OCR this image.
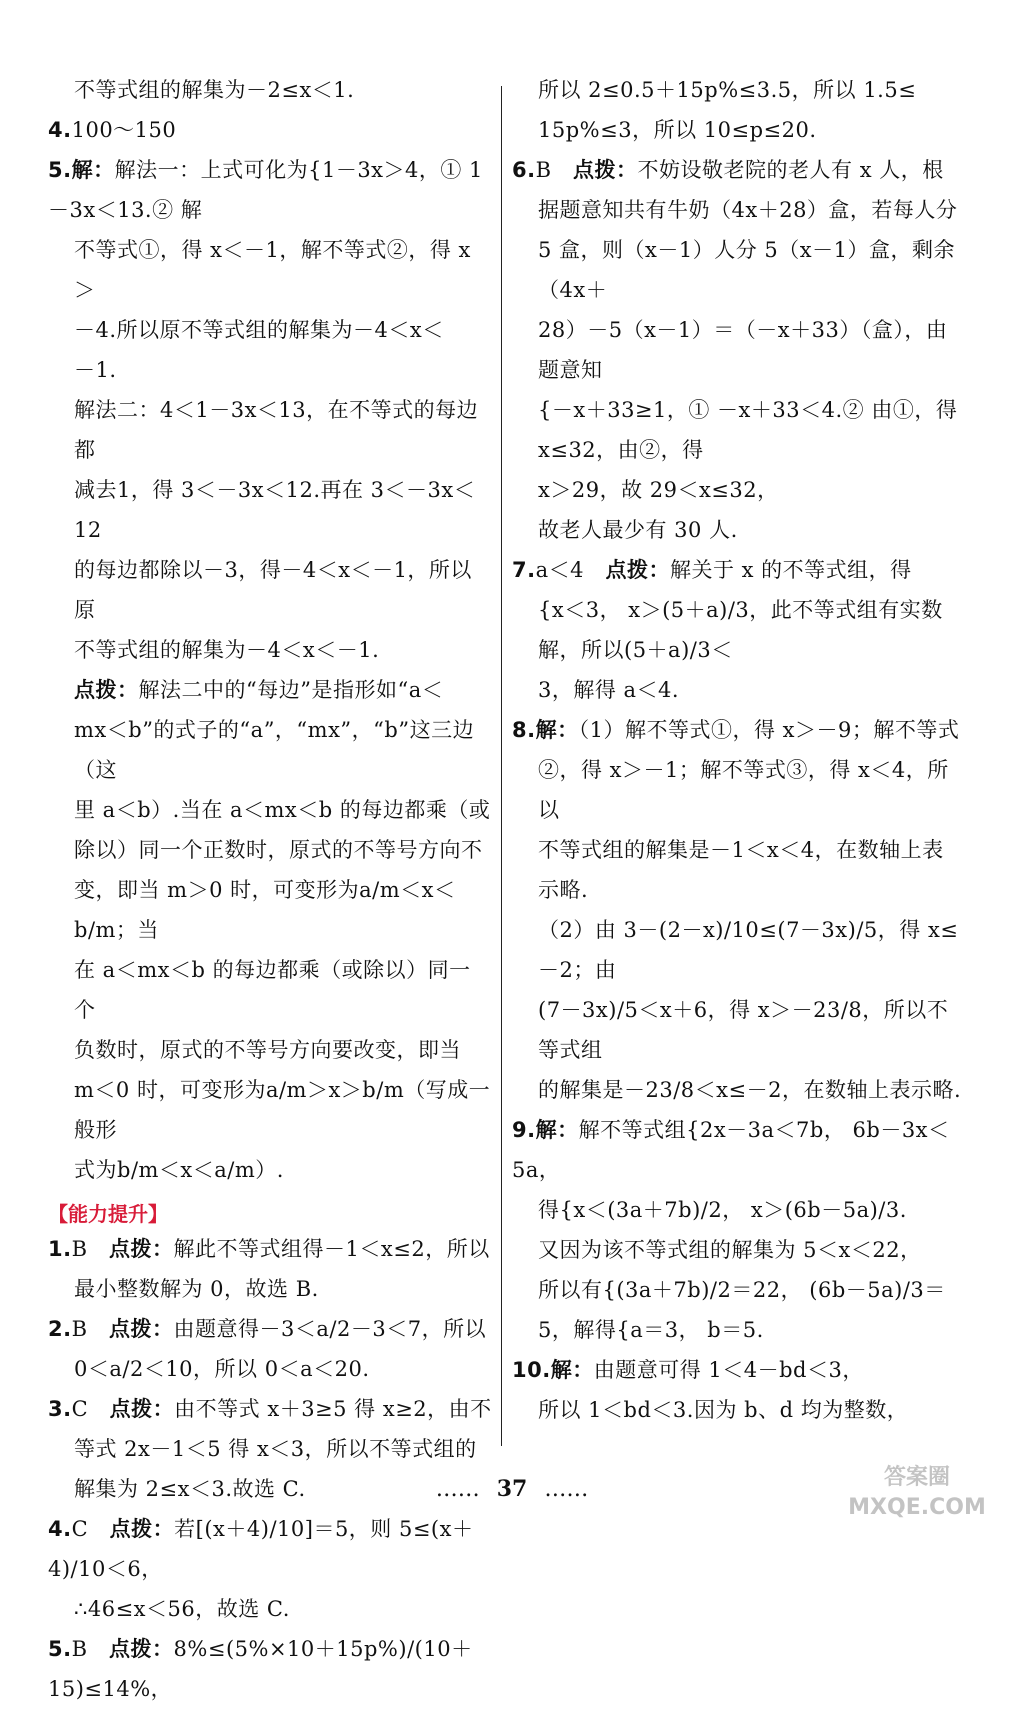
不等式组的解集为－2≤x＜1.

4.100～150

5.解：解法一：上式可化为{1－3x＞4，① 1－3x＜13.② 解

不等式①，得 x＜－1，解不等式②，得 x＞

－4.所以原不等式组的解集为－4＜x＜

－1.

解法二：4＜1－3x＜13，在不等式的每边都

减去1，得 3＜－3x＜12.再在 3＜－3x＜12

的每边都除以－3，得－4＜x＜－1，所以原

不等式组的解集为－4＜x＜－1.

点拨：解法二中的“每边”是指形如“a＜

mx＜b”的式子的“a”，“mx”，“b”这三边（这

里 a＜b）.当在 a＜mx＜b 的每边都乘（或

除以）同一个正数时，原式的不等号方向不

变，即当 m＞0 时，可变形为a/m＜x＜b/m；当

在 a＜mx＜b 的每边都乘（或除以）同一个

负数时，原式的不等号方向要改变，即当

m＜0 时，可变形为a/m＞x＞b/m（写成一般形

式为b/m＜x＜a/m）.

【能力提升】

1.B　点拨：解此不等式组得－1＜x≤2，所以

最小整数解为 0，故选 B.

2.B　点拨：由题意得－3＜a/2－3＜7，所以

0＜a/2＜10，所以 0＜a＜20.

3.C　点拨：由不等式 x＋3≥5 得 x≥2，由不

等式 2x－1＜5 得 x＜3，所以不等式组的

解集为 2≤x＜3.故选 C.

4.C　点拨：若[(x＋4)/10]＝5，则 5≤(x＋4)/10＜6，

∴46≤x＜56，故选 C.

5.B　点拨：8%≤(5%×10＋15p%)/(10＋15)≤14%，

所以 2≤0.5＋15p%≤3.5，所以 1.5≤

15p%≤3，所以 10≤p≤20.

6.B　点拨：不妨设敬老院的老人有 x 人，根

据题意知共有牛奶（4x＋28）盒，若每人分

5 盒，则（x－1）人分 5（x－1）盒，剩余（4x＋

28）－5（x－1）＝（－x＋33）（盒），由题意知

{－x＋33≥1，① －x＋33＜4.② 由①，得 x≤32，由②，得

x＞29，故 29＜x≤32，

故老人最少有 30 人.

7.a＜4　点拨：解关于 x 的不等式组，得

{x＜3， x＞(5＋a)/3，此不等式组有实数解，所以(5＋a)/3＜

3，解得 a＜4.

8.解：（1）解不等式①，得 x＞－9；解不等式

②，得 x＞－1；解不等式③，得 x＜4，所以

不等式组的解集是－1＜x＜4，在数轴上表

示略.

（2）由 3－(2－x)/10≤(7－3x)/5，得 x≤－2；由

(7－3x)/5＜x＋6，得 x＞－23/8，所以不等式组

的解集是－23/8＜x≤－2，在数轴上表示略.

9.解：解不等式组{2x－3a＜7b， 6b－3x＜5a，

得{x＜(3a＋7b)/2， x＞(6b－5a)/3.

又因为该不等式组的解集为 5＜x＜22，

所以有{(3a＋7b)/2＝22， (6b－5a)/3＝5，解得{a＝3， b＝5.

10.解：由题意可得 1＜4－bd＜3，

所以 1＜bd＜3.因为 b、d 均为整数，

…… 37 ……	答案圈
MXQE.COM
